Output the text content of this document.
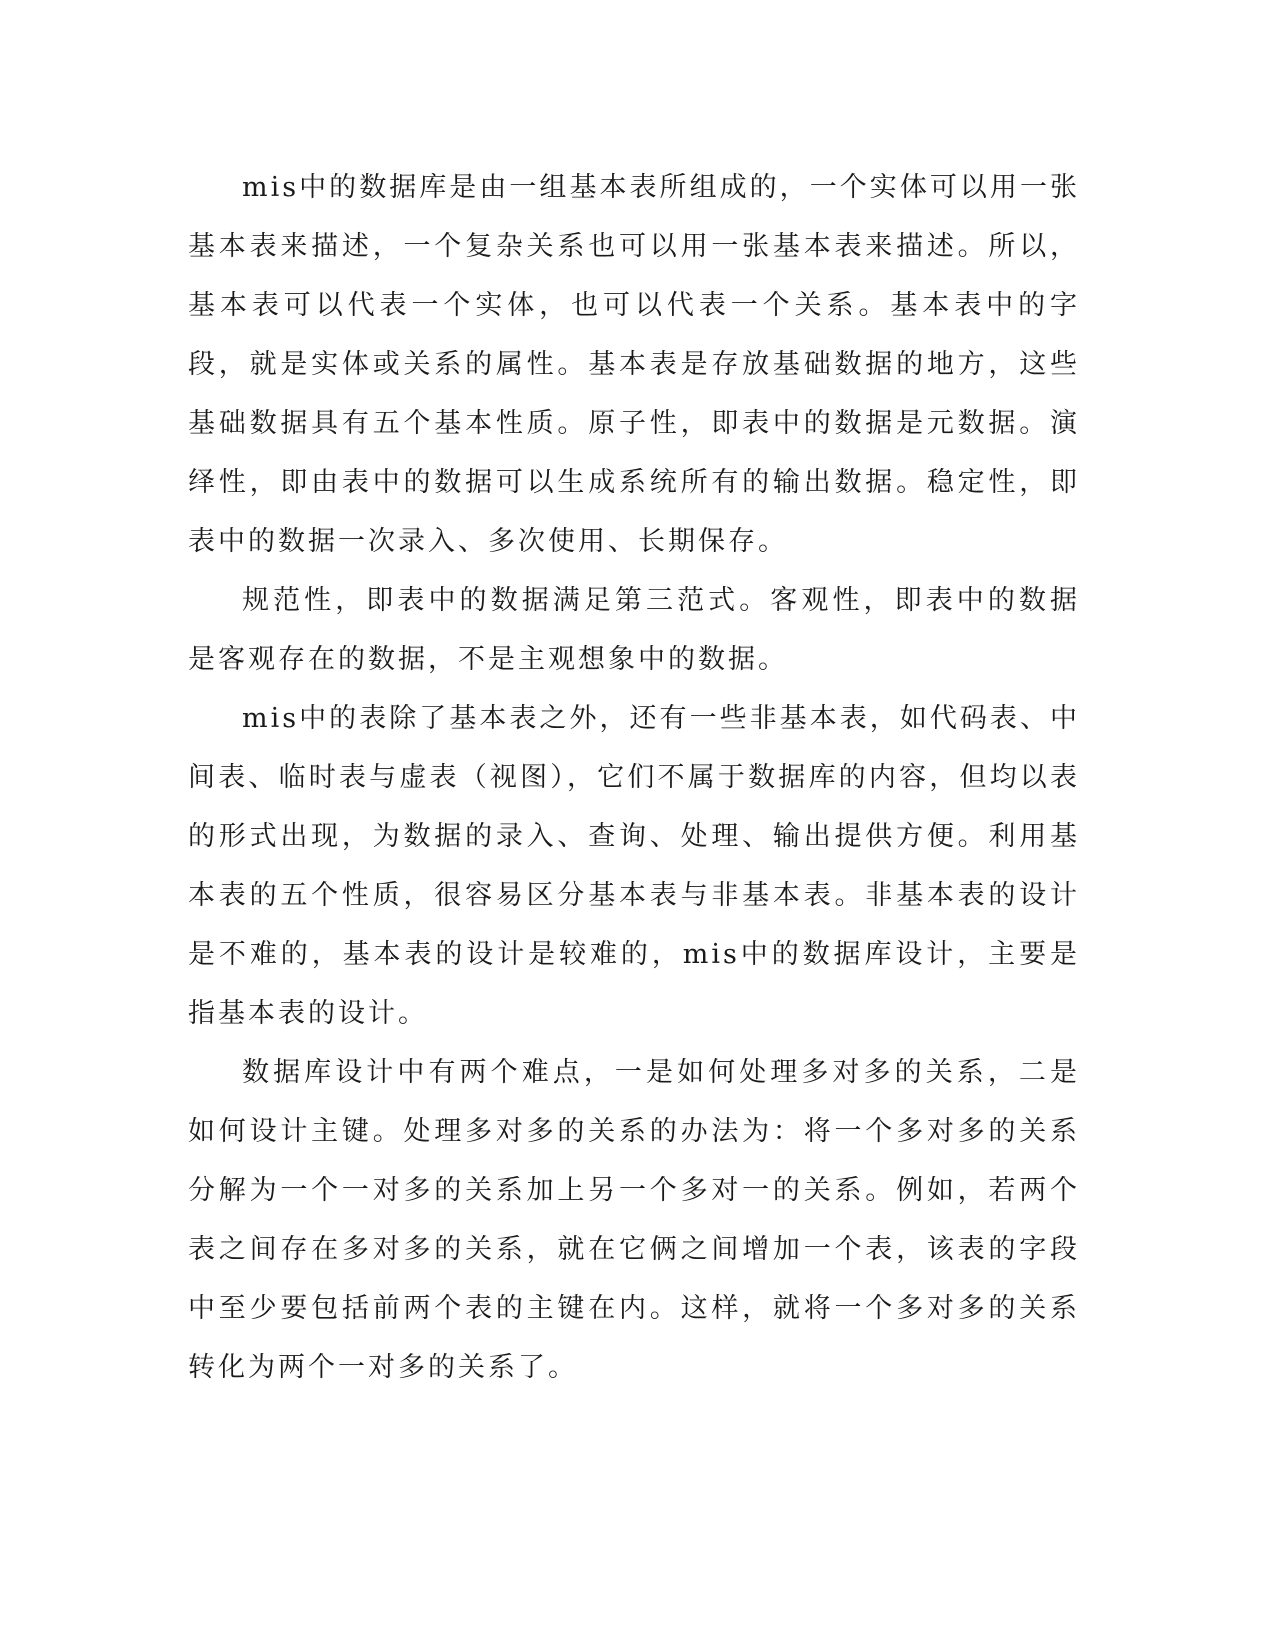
mis中的数据库是由一组基本表所组成的，一个实体可以用一张基本表来描述，一个复杂关系也可以用一张基本表来描述。所以，基本表可以代表一个实体，也可以代表一个关系。基本表中的字段，就是实体或关系的属性。基本表是存放基础数据的地方，这些基础数据具有五个基本性质。原子性，即表中的数据是元数据。演绎性，即由表中的数据可以生成系统所有的输出数据。稳定性，即表中的数据一次录入、多次使用、长期保存。

规范性，即表中的数据满足第三范式。客观性，即表中的数据是客观存在的数据，不是主观想象中的数据。

mis中的表除了基本表之外，还有一些非基本表，如代码表、中间表、临时表与虚表（视图），它们不属于数据库的内容，但均以表的形式出现，为数据的录入、查询、处理、输出提供方便。利用基本表的五个性质，很容易区分基本表与非基本表。非基本表的设计是不难的，基本表的设计是较难的，mis中的数据库设计，主要是指基本表的设计。

数据库设计中有两个难点，一是如何处理多对多的关系，二是如何设计主键。处理多对多的关系的办法为：将一个多对多的关系分解为一个一对多的关系加上另一个多对一的关系。例如，若两个表之间存在多对多的关系，就在它俩之间增加一个表，该表的字段中至少要包括前两个表的主键在内。这样，就将一个多对多的关系转化为两个一对多的关系了。
